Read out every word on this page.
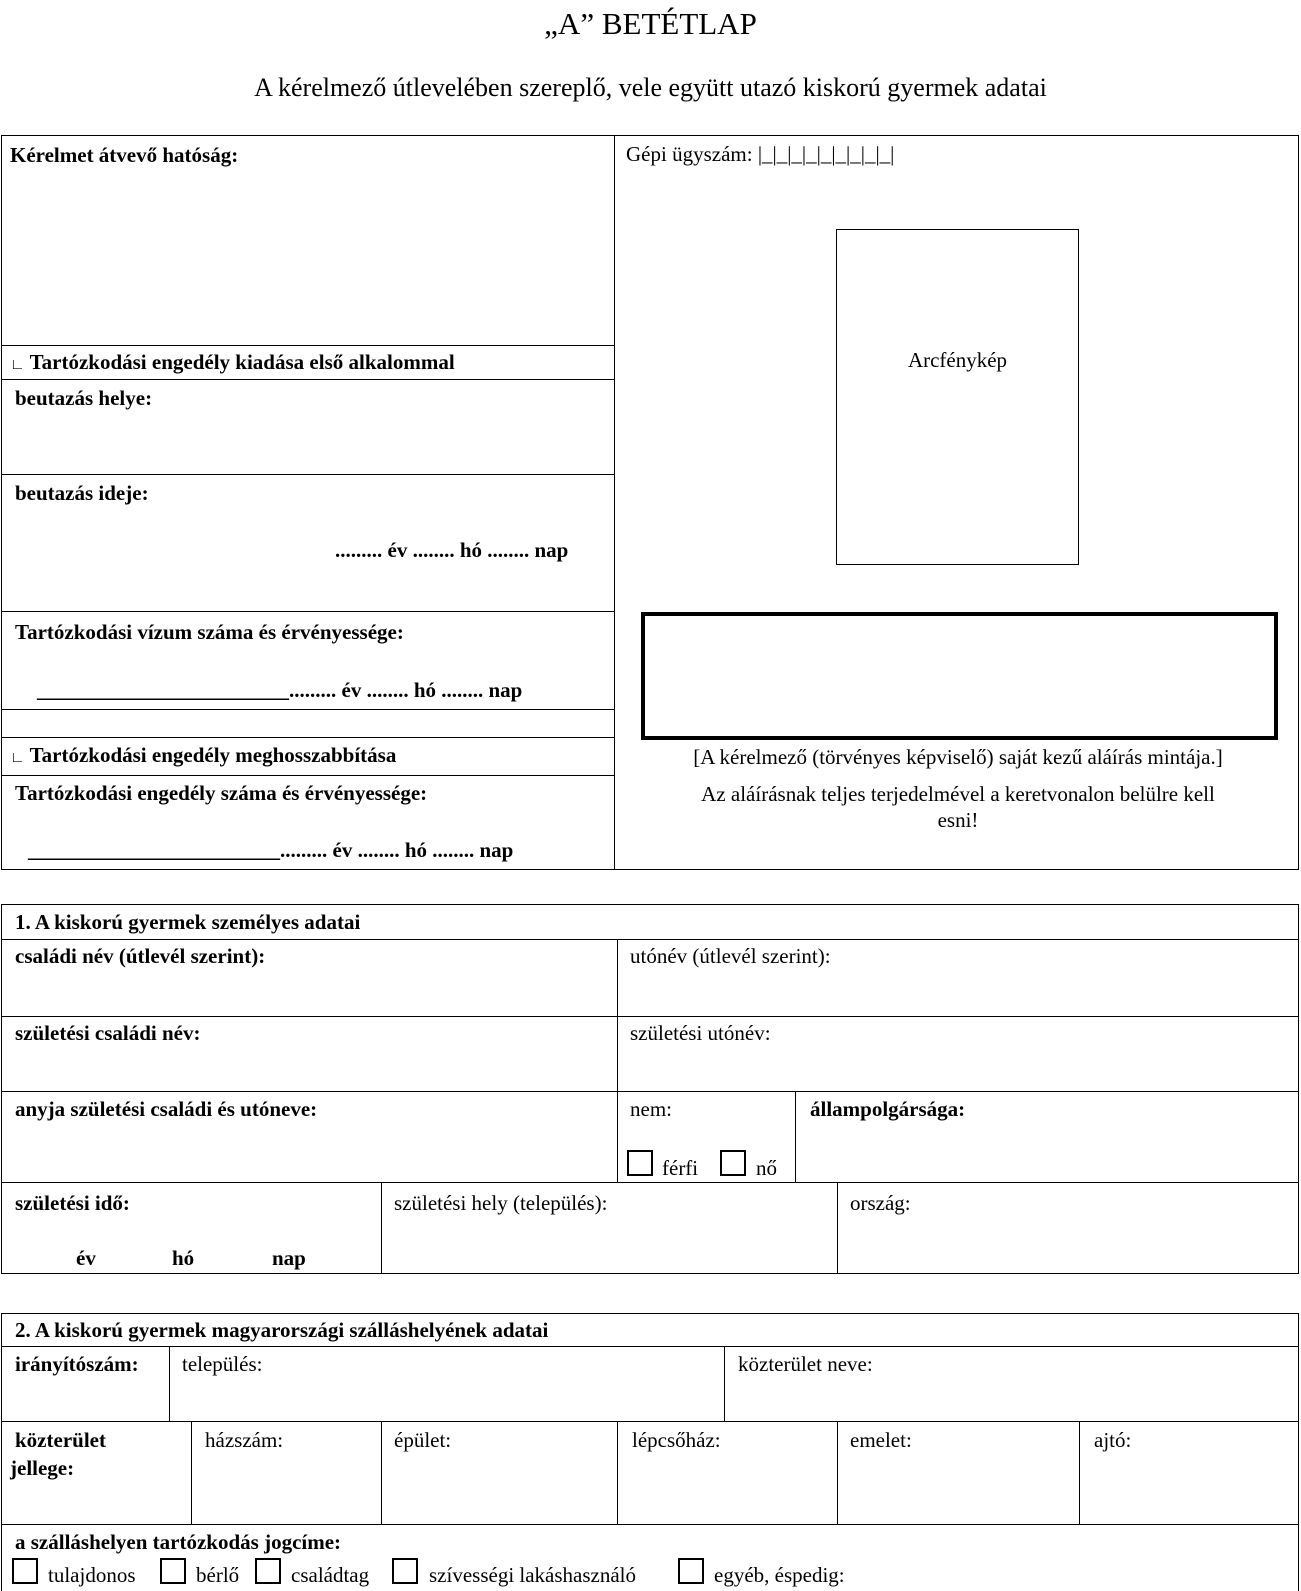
„A” BETÉTLAP
A kérelmező útlevelében szereplő, vele együtt utazó kiskorú gyermek adatai
Kérelmet átvevő hatóság:
∟ Tartózkodási engedély kiadása első alkalommal
beutazás helye:
beutazás ideje:
......... év ........ hó ........ nap
Tartózkodási vízum száma és érvényessége:
________________________......... év ........ hó ........ nap
∟ Tartózkodási engedély meghosszabbítása
Tartózkodási engedély száma és érvényessége:
________________________......... év ........ hó ........ nap
Gépi ügyszám: |_|_|_|_|_|_|_|_|_|
Arcfénykép
[A kérelmező (törvényes képviselő) saját kezű aláírás mintája.]
Az aláírásnak teljes terjedelmével a keretvonalon belülre kell
esni!
1. A kiskorú gyermek személyes adatai
családi név (útlevél szerint):	utónév (útlevél szerint):
születési családi név:	születési utónév:
anyja születési családi és utóneve:	nem:
férfi	nő
állampolgársága:
születési idő:
év	hó	nap
születési hely (település):	ország:
2. A kiskorú gyermek magyarországi szálláshelyének adatai
irányítószám: település:	közterület neve:
közterület
jellege:
házszám:	épület:	lépcsőház:	emelet:	ajtó:
a szálláshelyen tartózkodás jogcíme:
tulajdonos	bérlő családtag	szívességi lakáshasználó	egyéb, éspedig:
